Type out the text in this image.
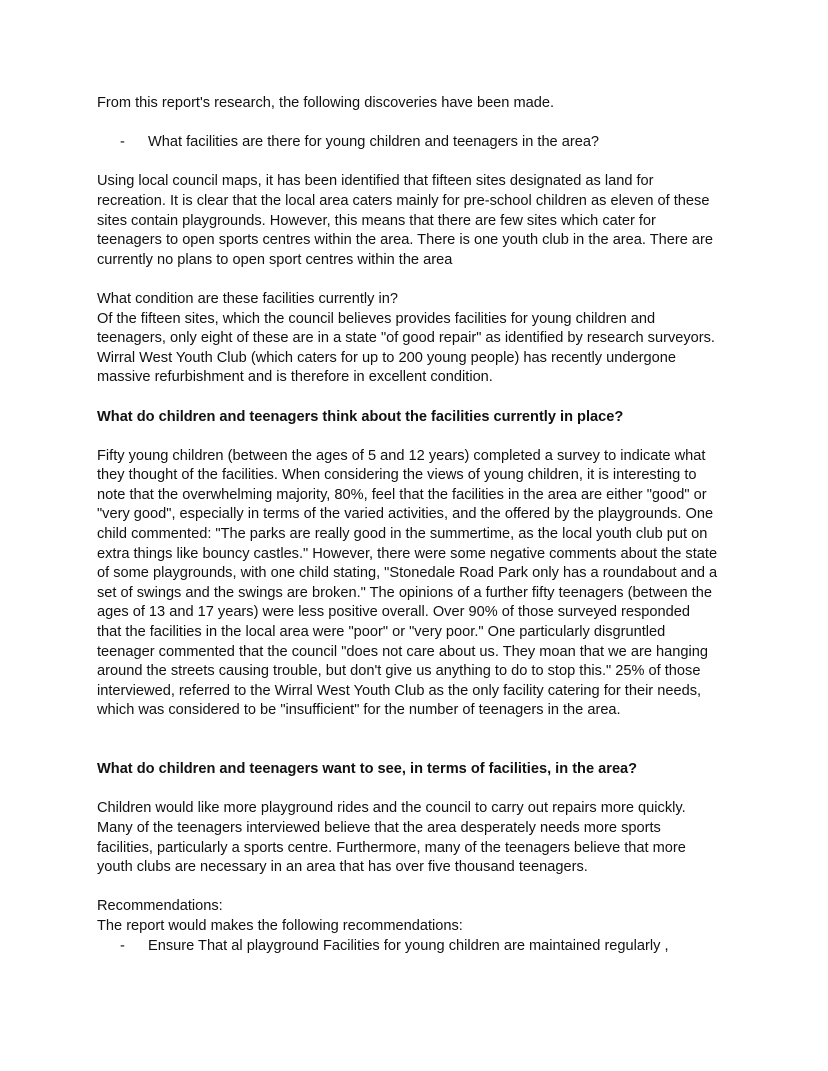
From this report's research, the following discoveries have been made.

-	What facilities are there for young children and teenagers in the area?

Using local council maps, it has been identified that fifteen sites designated as land for
recreation. It is clear that the local area caters mainly for pre-school children as eleven of these
sites contain playgrounds. However, this means that there are few sites which cater for
teenagers to open sports centres within the area. There is one youth club in the area. There are
currently no plans to open sport centres within the area

What condition are these facilities currently in?

Of the fifteen sites, which the council believes provides facilities for young children and
teenagers, only eight of these are in a state "of good repair" as identified by research surveyors.
Wirral West Youth Club (which caters for up to 200 young people) has recently undergone
massive refurbishment and is therefore in excellent condition.

What do children and teenagers think about the facilities currently in place?

Fifty young children (between the ages of 5 and 12 years) completed a survey to indicate what
they thought of the facilities. When considering the views of young children, it is interesting to
note that the overwhelming majority, 80%, feel that the facilities in the area are either "good" or
"very good", especially in terms of the varied activities, and the offered by the playgrounds. One
child commented: "The parks are really good in the summertime, as the local youth club put on
extra things like bouncy castles." However, there were some negative comments about the state
of some playgrounds, with one child stating, "Stonedale Road Park only has a roundabout and a
set of swings and the swings are broken." The opinions of a further fifty teenagers (between the
ages of 13 and 17 years) were less positive overall. Over 90% of those surveyed responded
that the facilities in the local area were "poor" or "very poor." One particularly disgruntled
teenager commented that the council "does not care about us. They moan that we are hanging
around the streets causing trouble, but don't give us anything to do to stop this." 25% of those
interviewed, referred to the Wirral West Youth Club as the only facility catering for their needs,
which was considered to be "insufficient" for the number of teenagers in the area.

What do children and teenagers want to see, in terms of facilities, in the area?

Children would like more playground rides and the council to carry out repairs more quickly.
Many of the teenagers interviewed believe that the area desperately needs more sports
facilities, particularly a sports centre. Furthermore, many of the teenagers believe that more
youth clubs are necessary in an area that has over five thousand teenagers.

Recommendations:

The report would makes the following recommendations:

-	Ensure That al playground Facilities for young children are maintained regularly ,
